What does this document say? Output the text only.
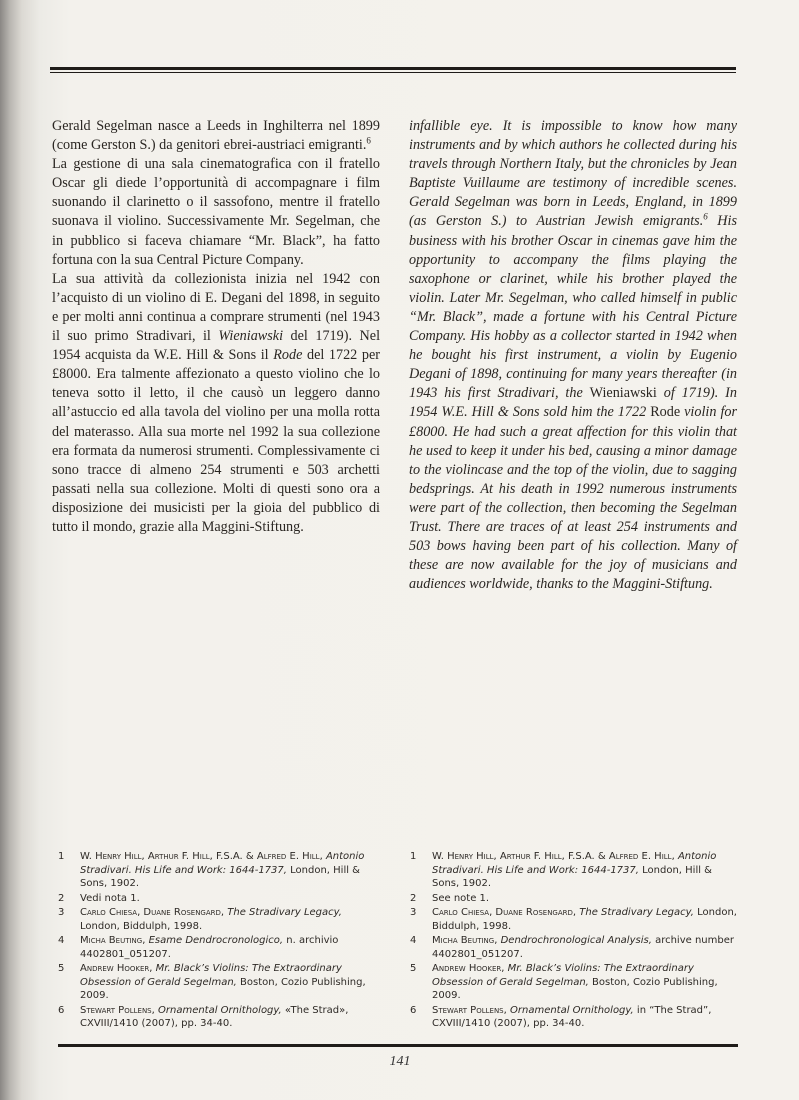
Gerald Segelman nasce a Leeds in Inghilterra nel 1899 (come Gerston S.) da genitori ebrei-austriaci emigranti.$^6$

La gestione di una sala cinematografica con il fratello Oscar gli diede l’opportunità di accompagnare i film suonando il clarinetto o il sassofono, mentre il fratello suonava il violino. Successivamente Mr. Segelman, che in pubblico si faceva chiamare “Mr. Black”, ha fatto fortuna con la sua Central Picture Company.

La sua attività da collezionista inizia nel 1942 con l’acquisto di un violino di E. Degani del 1898, in seguito e per molti anni continua a comprare strumenti (nel 1943 il suo primo Stradivari, il Wieniawski del 1719). Nel 1954 acquista da W.E. Hill & Sons il Rode del 1722 per £8000. Era talmente affezionato a questo violino che lo teneva sotto il letto, il che causò un leggero danno all’astuccio ed alla tavola del violino per una molla rotta del materasso. Alla sua morte nel 1992 la sua collezione era formata da numerosi strumenti. Complessivamente ci sono tracce di almeno 254 strumenti e 503 archetti passati nella sua collezione. Molti di questi sono ora a disposizione dei musicisti per la gioia del pubblico di tutto il mondo, grazie alla Maggini-Stiftung.

infallible eye. It is impossible to know how many instruments and by which authors he collected during his travels through Northern Italy, but the chronicles by Jean Baptiste Vuillaume are testimony of incredible scenes. Gerald Segelman was born in Leeds, England, in 1899 (as Gerston S.) to Austrian Jewish emigrants.$^6$ His business with his brother Oscar in cinemas gave him the opportunity to accompany the films playing the saxophone or clarinet, while his brother played the violin. Later Mr. Segelman, who called himself in public “Mr. Black”, made a fortune with his Central Picture Company. His hobby as a collector started in 1942 when he bought his first instrument, a violin by Eugenio Degani of 1898, continuing for many years thereafter (in 1943 his first Stradivari, the Wieniawski of 1719). In 1954 W.E. Hill & Sons sold him the 1722 Rode violin for £8000. He had such a great affection for this violin that he used to keep it under his bed, causing a minor damage to the violincase and the top of the violin, due to sagging bedsprings. At his death in 1992 numerous instruments were part of the collection, then becoming the Segelman Trust. There are traces of at least 254 instruments and 503 bows having been part of his collection. Many of these are now available for the joy of musicians and audiences worldwide, thanks to the Maggini-Stiftung.

1	W. Henry Hill, Arthur F. Hill, F.S.A. & Alfred E. Hill, Antonio Stradivari. His Life and Work: 1644-1737, London, Hill & Sons, 1902.
2	Vedi nota 1.
3	Carlo Chiesa, Duane Rosengard, The Stradivary Legacy, London, Biddulph, 1998.
4	Micha Beuting, Esame Dendrocronologico, n. archivio 4402801_051207.
5	Andrew Hooker, Mr. Black’s Violins: The Extraordinary Obsession of Gerald Segelman, Boston, Cozio Publishing, 2009.
6	Stewart Pollens, Ornamental Ornithology, «The Strad», CXVIII/1410 (2007), pp. 34-40.
1	W. Henry Hill, Arthur F. Hill, F.S.A. & Alfred E. Hill, Antonio Stradivari. His Life and Work: 1644-1737, London, Hill & Sons, 1902.
2	See note 1.
3	Carlo Chiesa, Duane Rosengard, The Stradivary Legacy, London, Biddulph, 1998.
4	Micha Beuting, Dendrochronological Analysis, archive number 4402801_051207.
5	Andrew Hooker, Mr. Black’s Violins: The Extraordinary Obsession of Gerald Segelman, Boston, Cozio Publishing, 2009.
6	Stewart Pollens, Ornamental Ornithology, in “The Strad”, CXVIII/1410 (2007), pp. 34-40.
141
